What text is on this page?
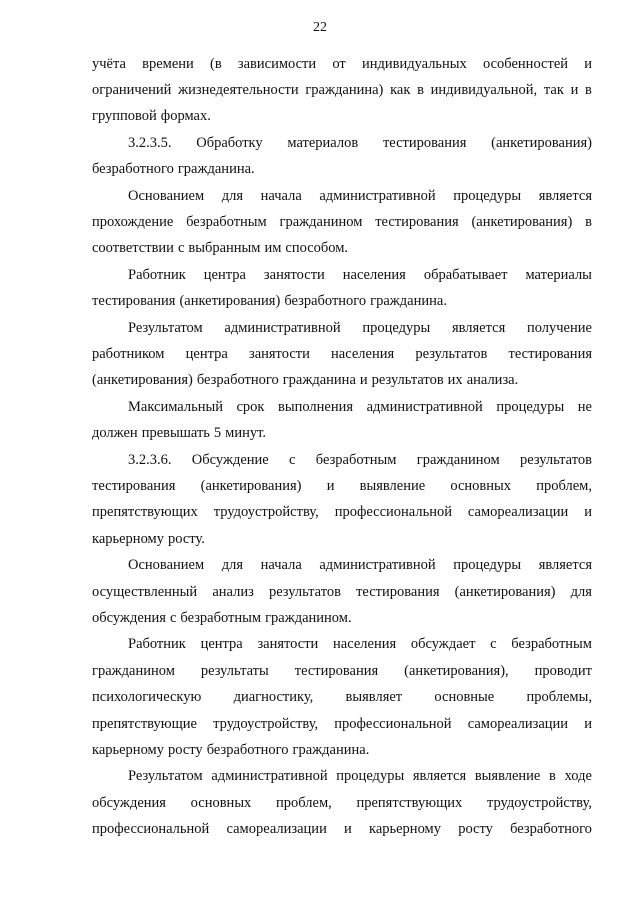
22
учёта времени (в зависимости от индивидуальных особенностей и
ограничений жизнедеятельности гражданина) как в индивидуальной, так и в
групповой формах.
3.2.3.5. Обработку материалов тестирования (анкетирования)
безработного гражданина.
Основанием для начала административной процедуры является
прохождение безработным гражданином тестирования (анкетирования) в
соответствии с выбранным им способом.
Работник центра занятости населения обрабатывает материалы
тестирования (анкетирования) безработного гражданина.
Результатом административной процедуры является получение
работником центра занятости населения результатов тестирования
(анкетирования) безработного гражданина и результатов их анализа.
Максимальный срок выполнения административной процедуры не
должен превышать 5 минут.
3.2.3.6. Обсуждение с безработным гражданином результатов
тестирования (анкетирования) и выявление основных проблем,
препятствующих трудоустройству, профессиональной самореализации и
карьерному росту.
Основанием для начала административной процедуры является
осуществленный анализ результатов тестирования (анкетирования) для
обсуждения с безработным гражданином.
Работник центра занятости населения обсуждает с безработным
гражданином результаты тестирования (анкетирования), проводит
психологическую диагностику, выявляет основные проблемы,
препятствующие трудоустройству, профессиональной самореализации и
карьерному росту безработного гражданина.
Результатом административной процедуры является выявление в ходе
обсуждения основных проблем, препятствующих трудоустройству,
профессиональной самореализации и карьерному росту безработного
